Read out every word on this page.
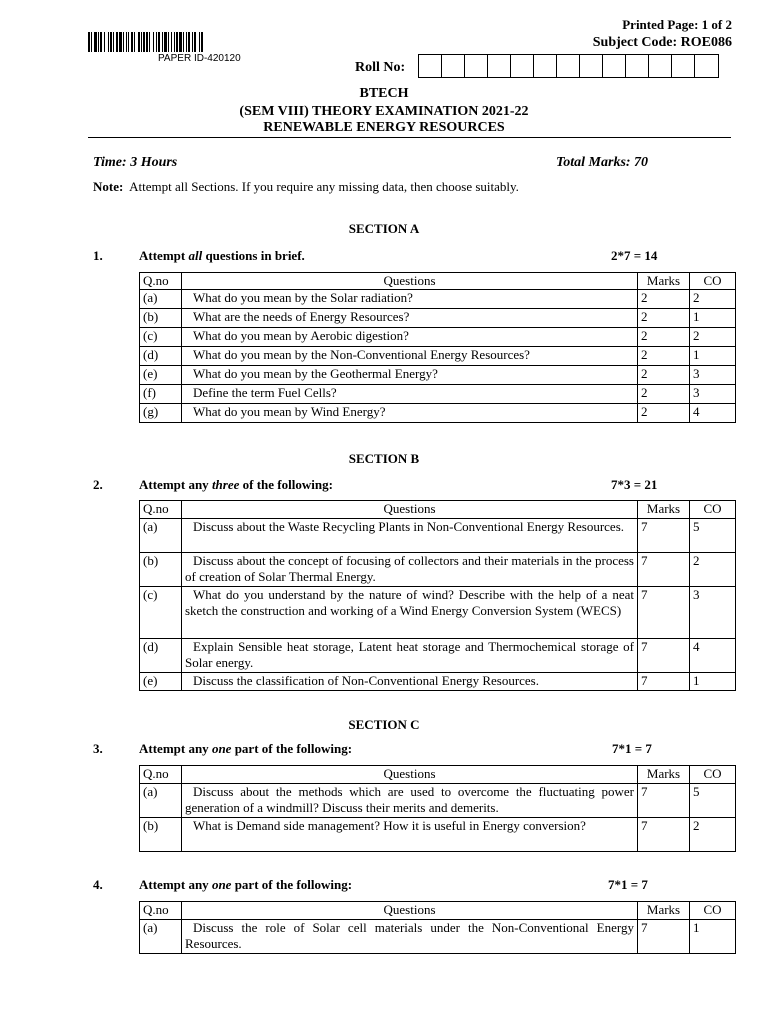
PAPER ID-420120
Printed Page: 1 of 2
Subject Code: ROE086
Roll No:
BTECH
(SEM VIII) THEORY EXAMINATION 2021-22
RENEWABLE ENERGY RESOURCES
Time: 3 Hours	Total Marks: 70
Note: Attempt all Sections. If you require any missing data, then choose suitably.
SECTION A
1.	Attempt all questions in brief.	2*7 = 14
Q.no	Questions	Marks	CO
(a)	What do you mean by the Solar radiation?	2	2
(b)	What are the needs of Energy Resources?	2	1
(c)	What do you mean by Aerobic digestion?	2	2
(d)	What do you mean by the Non-Conventional Energy Resources?	2	1
(e)	What do you mean by the Geothermal Energy?	2	3
(f)	Define the term Fuel Cells?	2	3
(g)	What do you mean by Wind Energy?	2	4
SECTION B
2.	Attempt any three of the following:	7*3 = 21
Q.no	Questions	Marks	CO
(a)	Discuss about the Waste Recycling Plants in Non-Conventional Energy Resources.	7	5
(b)	Discuss about the concept of focusing of collectors and their materials in the process of creation of Solar Thermal Energy.	7	2
(c)	What do you understand by the nature of wind? Describe with the help of a neat sketch the construction and working of a Wind Energy Conversion System (WECS)	7	3
(d)	Explain Sensible heat storage, Latent heat storage and Thermochemical storage of Solar energy.	7	4
(e)	Discuss the classification of Non-Conventional Energy Resources.	7	1
SECTION C
3.	Attempt any one part of the following:	7*1 = 7
Q.no	Questions	Marks	CO
(a)	Discuss about the methods which are used to overcome the fluctuating power generation of a windmill? Discuss their merits and demerits.	7	5
(b)	What is Demand side management? How it is useful in Energy conversion?	7	2
4.	Attempt any one part of the following:	7*1 = 7
Q.no	Questions	Marks	CO
(a)	Discuss the role of Solar cell materials under the Non-Conventional Energy Resources.	7	1
